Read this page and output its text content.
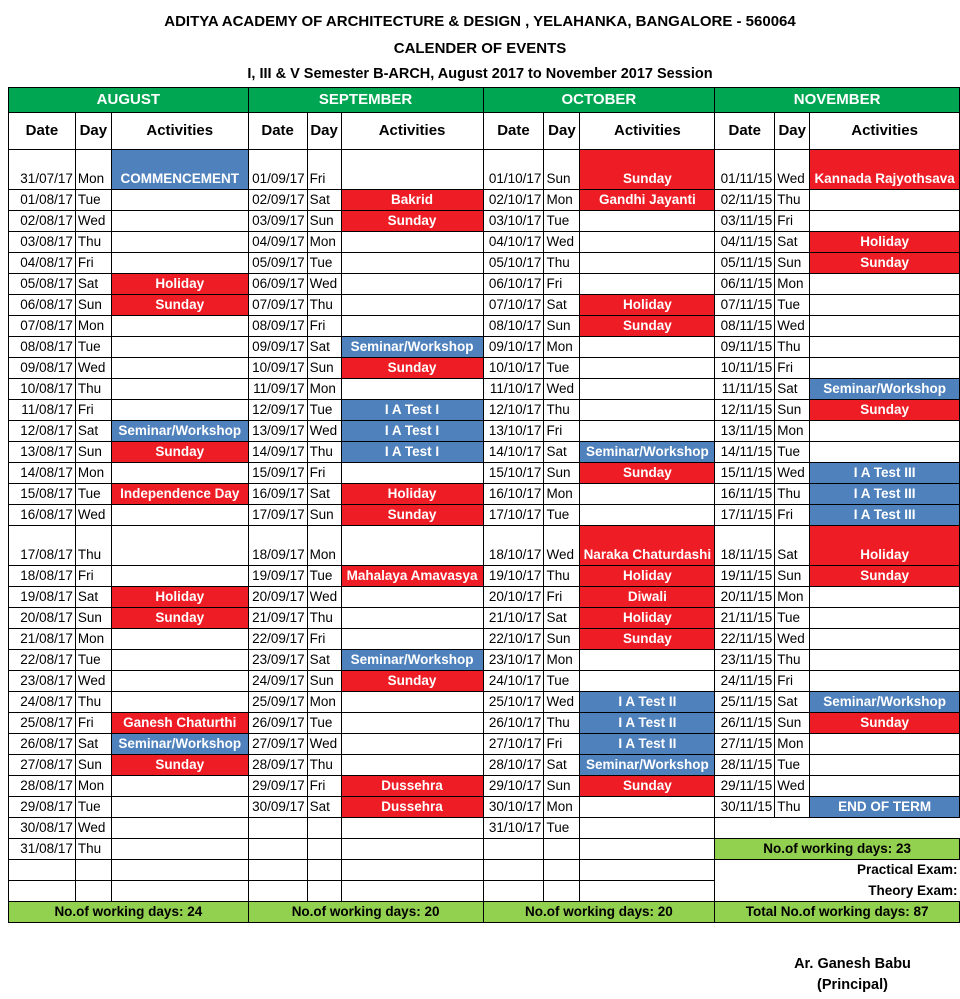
ADITYA ACADEMY OF ARCHITECTURE & DESIGN , YELAHANKA, BANGALORE - 560064
CALENDER OF EVENTS
I, III & V Semester B-ARCH, August 2017 to November 2017 Session
AUGUST			SEPTEMBER			OCTOBER			NOVEMBER		
Date	Day	Activities	Date	Day	Activities	Date	Day	Activities	Date	Day	Activities
31/07/17	Mon	COMMENCEMENT	01/09/17	Fri		01/10/17	Sun	Sunday	01/11/15	Wed	Kannada Rajyothsava
01/08/17	Tue		02/09/17	Sat	Bakrid	02/10/17	Mon	Gandhi Jayanti	02/11/15	Thu	
02/08/17	Wed		03/09/17	Sun	Sunday	03/10/17	Tue		03/11/15	Fri	
03/08/17	Thu		04/09/17	Mon		04/10/17	Wed		04/11/15	Sat	Holiday
04/08/17	Fri		05/09/17	Tue		05/10/17	Thu		05/11/15	Sun	Sunday
05/08/17	Sat	Holiday	06/09/17	Wed		06/10/17	Fri		06/11/15	Mon	
06/08/17	Sun	Sunday	07/09/17	Thu		07/10/17	Sat	Holiday	07/11/15	Tue	
07/08/17	Mon		08/09/17	Fri		08/10/17	Sun	Sunday	08/11/15	Wed	
08/08/17	Tue		09/09/17	Sat	Seminar/Workshop	09/10/17	Mon		09/11/15	Thu	
09/08/17	Wed		10/09/17	Sun	Sunday	10/10/17	Tue		10/11/15	Fri	
10/08/17	Thu		11/09/17	Mon		11/10/17	Wed		11/11/15	Sat	Seminar/Workshop
11/08/17	Fri		12/09/17	Tue	I A Test I	12/10/17	Thu		12/11/15	Sun	Sunday
12/08/17	Sat	Seminar/Workshop	13/09/17	Wed	I A Test I	13/10/17	Fri		13/11/15	Mon	
13/08/17	Sun	Sunday	14/09/17	Thu	I A Test I	14/10/17	Sat	Seminar/Workshop	14/11/15	Tue	
14/08/17	Mon		15/09/17	Fri		15/10/17	Sun	Sunday	15/11/15	Wed	I A Test III
15/08/17	Tue	Independence Day	16/09/17	Sat	Holiday	16/10/17	Mon		16/11/15	Thu	I A Test III
16/08/17	Wed		17/09/17	Sun	Sunday	17/10/17	Tue		17/11/15	Fri	I A Test III
17/08/17	Thu		18/09/17	Mon		18/10/17	Wed	Naraka Chaturdashi	18/11/15	Sat	Holiday
18/08/17	Fri		19/09/17	Tue	Mahalaya Amavasya	19/10/17	Thu	Holiday	19/11/15	Sun	Sunday
19/08/17	Sat	Holiday	20/09/17	Wed		20/10/17	Fri	Diwali	20/11/15	Mon	
20/08/17	Sun	Sunday	21/09/17	Thu		21/10/17	Sat	Holiday	21/11/15	Tue	
21/08/17	Mon		22/09/17	Fri		22/10/17	Sun	Sunday	22/11/15	Wed	
22/08/17	Tue		23/09/17	Sat	Seminar/Workshop	23/10/17	Mon		23/11/15	Thu	
23/08/17	Wed		24/09/17	Sun	Sunday	24/10/17	Tue		24/11/15	Fri	
24/08/17	Thu		25/09/17	Mon		25/10/17	Wed	I A Test II	25/11/15	Sat	Seminar/Workshop
25/08/17	Fri	Ganesh Chaturthi	26/09/17	Tue		26/10/17	Thu	I A Test II	26/11/15	Sun	Sunday
26/08/17	Sat	Seminar/Workshop	27/09/17	Wed		27/10/17	Fri	I A Test II	27/11/15	Mon	
27/08/17	Sun	Sunday	28/09/17	Thu		28/10/17	Sat	Seminar/Workshop	28/11/15	Tue	
28/08/17	Mon		29/09/17	Fri	Dussehra	29/10/17	Sun	Sunday	29/11/15	Wed	
29/08/17	Tue		30/09/17	Sat	Dussehra	30/10/17	Mon		30/11/15	Thu	END OF TERM
30/08/17	Wed					31/10/17	Tue				
31/08/17	Thu								No.of working days: 23		
									Practical Exam:		
									Theory Exam:		
No.of working days: 24			No.of working days: 20			No.of working days: 20			Total No.of working days: 87		
Ar. Ganesh Babu
(Principal)
